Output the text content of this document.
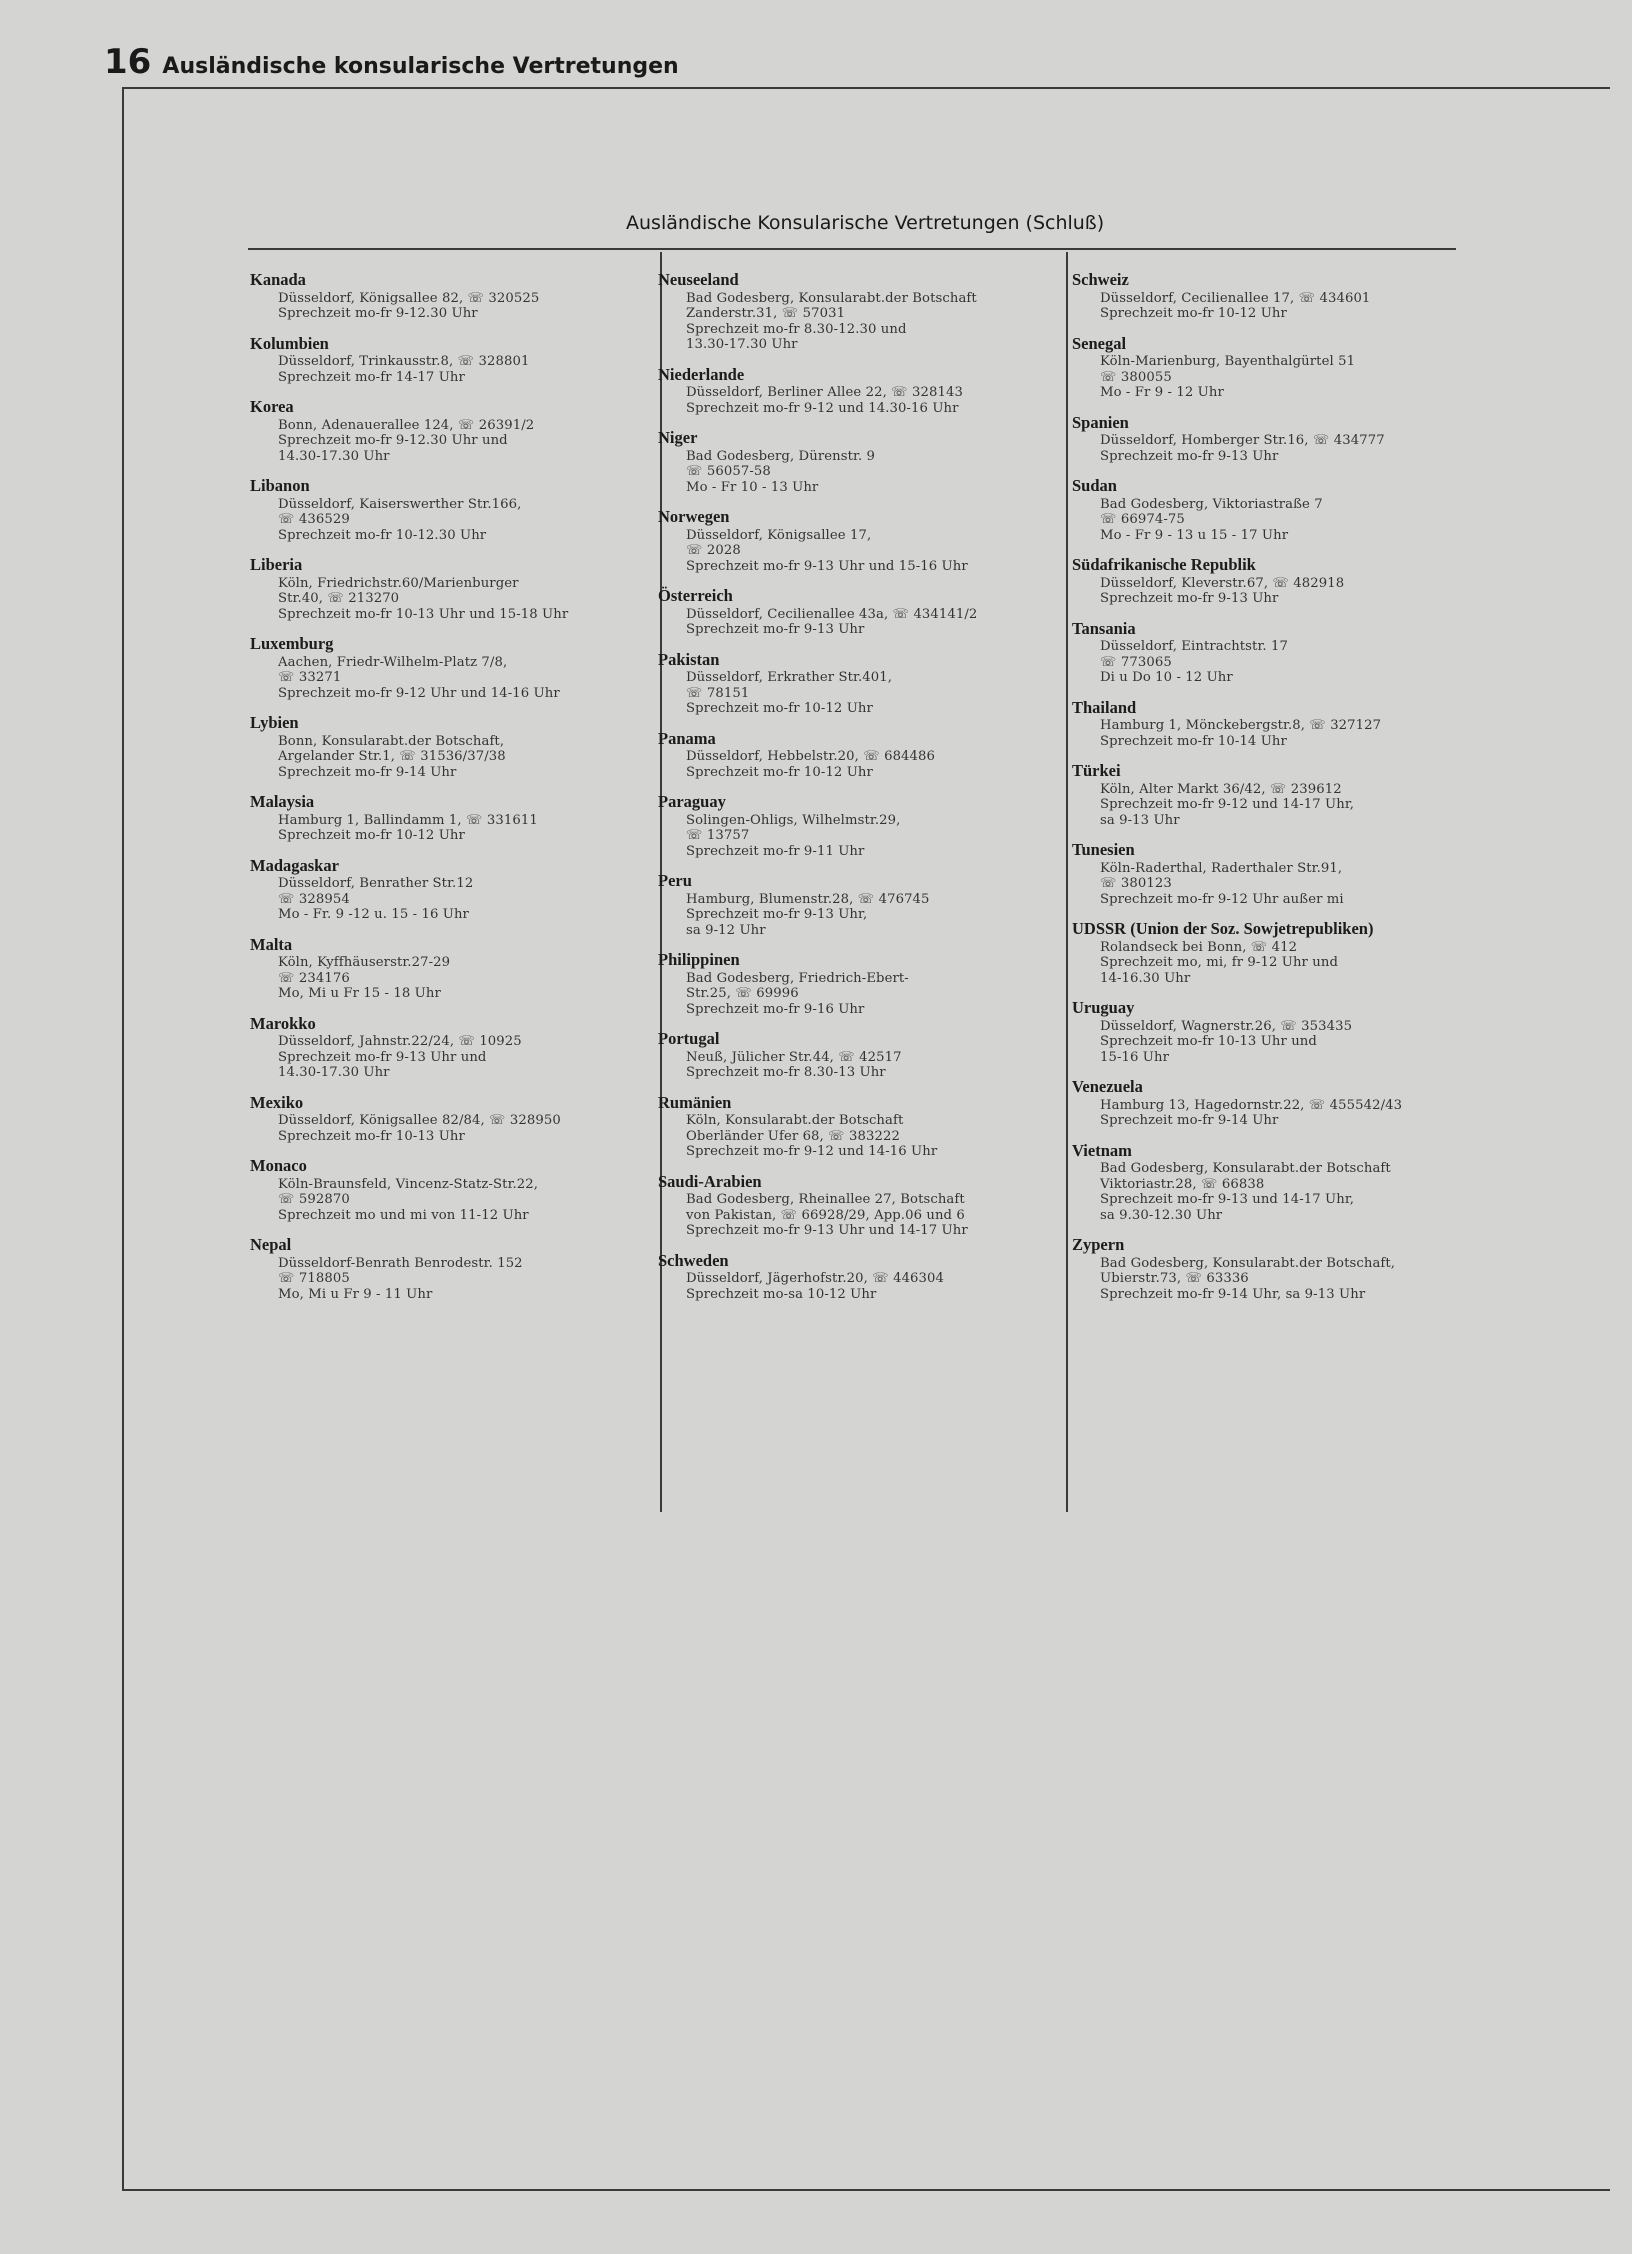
16 Ausländische konsularische Vertretungen
Ausländische Konsularische Vertretungen (Schluß)
Kanada
Düsseldorf, Königsallee 82, ☏ 320525
Sprechzeit mo-fr 9-12.30 Uhr
Kolumbien
Düsseldorf, Trinkausstr.8, ☏ 328801
Sprechzeit mo-fr 14-17 Uhr
Korea
Bonn, Adenauerallee 124, ☏ 26391/2
Sprechzeit mo-fr 9-12.30 Uhr und
14.30-17.30 Uhr
Libanon
Düsseldorf, Kaiserswerther Str.166,
☏ 436529
Sprechzeit mo-fr 10-12.30 Uhr
Liberia
Köln, Friedrichstr.60/Marienburger
Str.40, ☏ 213270
Sprechzeit mo-fr 10-13 Uhr und 15-18 Uhr
Luxemburg
Aachen, Friedr-Wilhelm-Platz 7/8,
☏ 33271
Sprechzeit mo-fr 9-12 Uhr und 14-16 Uhr
Lybien
Bonn, Konsularabt.der Botschaft,
Argelander Str.1, ☏ 31536/37/38
Sprechzeit mo-fr 9-14 Uhr
Malaysia
Hamburg 1, Ballindamm 1, ☏ 331611
Sprechzeit mo-fr 10-12 Uhr
Madagaskar
Düsseldorf, Benrather Str.12
☏ 328954
Mo - Fr. 9 -12 u. 15 - 16 Uhr
Malta
Köln, Kyffhäuserstr.27-29
☏ 234176
Mo, Mi u Fr 15 - 18 Uhr
Marokko
Düsseldorf, Jahnstr.22/24, ☏ 10925
Sprechzeit mo-fr 9-13 Uhr und
14.30-17.30 Uhr
Mexiko
Düsseldorf, Königsallee 82/84, ☏ 328950
Sprechzeit mo-fr 10-13 Uhr
Monaco
Köln-Braunsfeld, Vincenz-Statz-Str.22,
☏ 592870
Sprechzeit mo und mi von 11-12 Uhr
Nepal
Düsseldorf-Benrath Benrodestr. 152
☏ 718805
Mo, Mi u Fr 9 - 11 Uhr
Neuseeland
Bad Godesberg, Konsularabt.der Botschaft
Zanderstr.31, ☏ 57031
Sprechzeit mo-fr 8.30-12.30 und
13.30-17.30 Uhr
Niederlande
Düsseldorf, Berliner Allee 22, ☏ 328143
Sprechzeit mo-fr 9-12 und 14.30-16 Uhr
Niger
Bad Godesberg, Dürenstr. 9
☏ 56057-58
Mo - Fr 10 - 13 Uhr
Norwegen
Düsseldorf, Königsallee 17,
☏ 2028
Sprechzeit mo-fr 9-13 Uhr und 15-16 Uhr
Österreich
Düsseldorf, Cecilienallee 43a, ☏ 434141/2
Sprechzeit mo-fr 9-13 Uhr
Pakistan
Düsseldorf, Erkrather Str.401,
☏ 78151
Sprechzeit mo-fr 10-12 Uhr
Panama
Düsseldorf, Hebbelstr.20, ☏ 684486
Sprechzeit mo-fr 10-12 Uhr
Paraguay
Solingen-Ohligs, Wilhelmstr.29,
☏ 13757
Sprechzeit mo-fr 9-11 Uhr
Peru
Hamburg, Blumenstr.28, ☏ 476745
Sprechzeit mo-fr 9-13 Uhr,
sa 9-12 Uhr
Philippinen
Bad Godesberg, Friedrich-Ebert-
Str.25, ☏ 69996
Sprechzeit mo-fr 9-16 Uhr
Portugal
Neuß, Jülicher Str.44, ☏ 42517
Sprechzeit mo-fr 8.30-13 Uhr
Rumänien
Köln, Konsularabt.der Botschaft
Oberländer Ufer 68, ☏ 383222
Sprechzeit mo-fr 9-12 und 14-16 Uhr
Saudi-Arabien
Bad Godesberg, Rheinallee 27, Botschaft
von Pakistan, ☏ 66928/29, App.06 und 6
Sprechzeit mo-fr 9-13 Uhr und 14-17 Uhr
Schweden
Düsseldorf, Jägerhofstr.20, ☏ 446304
Sprechzeit mo-sa 10-12 Uhr
Schweiz
Düsseldorf, Cecilienallee 17, ☏ 434601
Sprechzeit mo-fr 10-12 Uhr
Senegal
Köln-Marienburg, Bayenthalgürtel 51
☏ 380055
Mo - Fr 9 - 12 Uhr
Spanien
Düsseldorf, Homberger Str.16, ☏ 434777
Sprechzeit mo-fr 9-13 Uhr
Sudan
Bad Godesberg, Viktoriastraße 7
☏ 66974-75
Mo - Fr 9 - 13 u 15 - 17 Uhr
Südafrikanische Republik
Düsseldorf, Kleverstr.67, ☏ 482918
Sprechzeit mo-fr 9-13 Uhr
Tansania
Düsseldorf, Eintrachtstr. 17
☏ 773065
Di u Do 10 - 12 Uhr
Thailand
Hamburg 1, Mönckebergstr.8, ☏ 327127
Sprechzeit mo-fr 10-14 Uhr
Türkei
Köln, Alter Markt 36/42, ☏ 239612
Sprechzeit mo-fr 9-12 und 14-17 Uhr,
sa 9-13 Uhr
Tunesien
Köln-Raderthal, Raderthaler Str.91,
☏ 380123
Sprechzeit mo-fr 9-12 Uhr außer mi
UDSSR (Union der Soz. Sowjetrepubliken)
Rolandseck bei Bonn, ☏ 412
Sprechzeit mo, mi, fr 9-12 Uhr und
14-16.30 Uhr
Uruguay
Düsseldorf, Wagnerstr.26, ☏ 353435
Sprechzeit mo-fr 10-13 Uhr und
15-16 Uhr
Venezuela
Hamburg 13, Hagedornstr.22, ☏ 455542/43
Sprechzeit mo-fr 9-14 Uhr
Vietnam
Bad Godesberg, Konsularabt.der Botschaft
Viktoriastr.28, ☏ 66838
Sprechzeit mo-fr 9-13 und 14-17 Uhr,
sa 9.30-12.30 Uhr
Zypern
Bad Godesberg, Konsularabt.der Botschaft,
Ubierstr.73, ☏ 63336
Sprechzeit mo-fr 9-14 Uhr, sa 9-13 Uhr
